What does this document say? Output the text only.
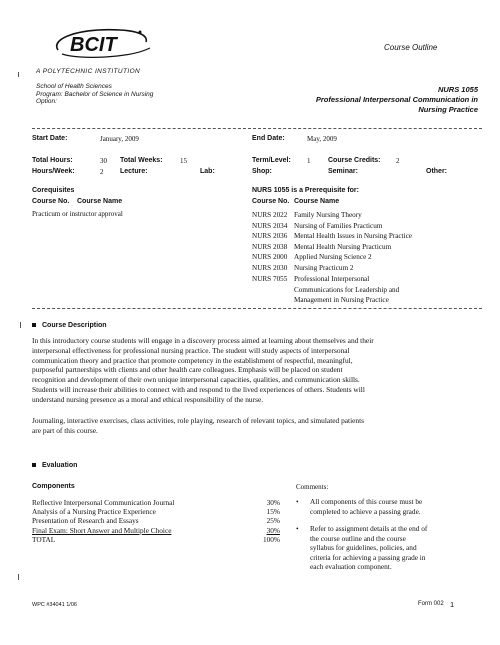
BCIT
A POLYTECHNIC INSTITUTION
Course Outline
School of Health Sciences
Program: Bachelor of Science in Nursing
Option:
NURS 1055
Professional Interpersonal Communication in
Nursing Practice
Start Date:	January, 2009	End Date:	May, 2009
Total Hours:	30 Total Weeks: 15	Term/Level: 1	Course Credits: 2
Hours/Week:	2 Lecture:	Lab:	Shop:	Seminar:	Other:
Corequisites
Course No. Course Name
Practicum or instructor approval
NURS 1055 is a Prerequisite for:
Course No. Course Name
NURS 2022 Family Nursing Theory
NURS 2034 Nursing of Families Practicum
NURS 2036 Mental Health Issues in Nursing Practice
NURS 2038 Mental Health Nursing Practicum
NURS 2000 Applied Nursing Science 2
NURS 2030 Nursing Practicum 2
NURS 7055 Professional Interpersonal
Communications for Leadership and
Management in Nursing Practice
Course Description
In this introductory course students will engage in a discovery process aimed at learning about themselves and their
interpersonal effectiveness for professional nursing practice. The student will study aspects of interpersonal
communication theory and practice that promote competency in the establishment of respectful, meaningful,
purposeful partnerships with clients and other health care colleagues. Emphasis will be placed on student
recognition and development of their own unique interpersonal capacities, qualities, and communication skills.
Students will increase their abilities to connect with and respond to the lived experiences of others. Students will
understand nursing presence as a moral and ethical responsibility of the nurse.
Journaling, interactive exercises, class activities, role playing, research of relevant topics, and simulated patients
are part of this course.
Evaluation
Components	Comments:
Reflective Interpersonal Communication Journal	30%
Analysis of a Nursing Practice Experience	15%
Presentation of Research and Essays	25%
Final Exam: Short Answer and Multiple Choice	30%
TOTAL	100%
• All components of this course must be
completed to achieve a passing grade.
• Refer to assignment details at the end of
the course outline and the course
syllabus for guidelines, policies, and
criteria for achieving a passing grade in
each evaluation component.
WPC #34041 1/06	Form 002 1
